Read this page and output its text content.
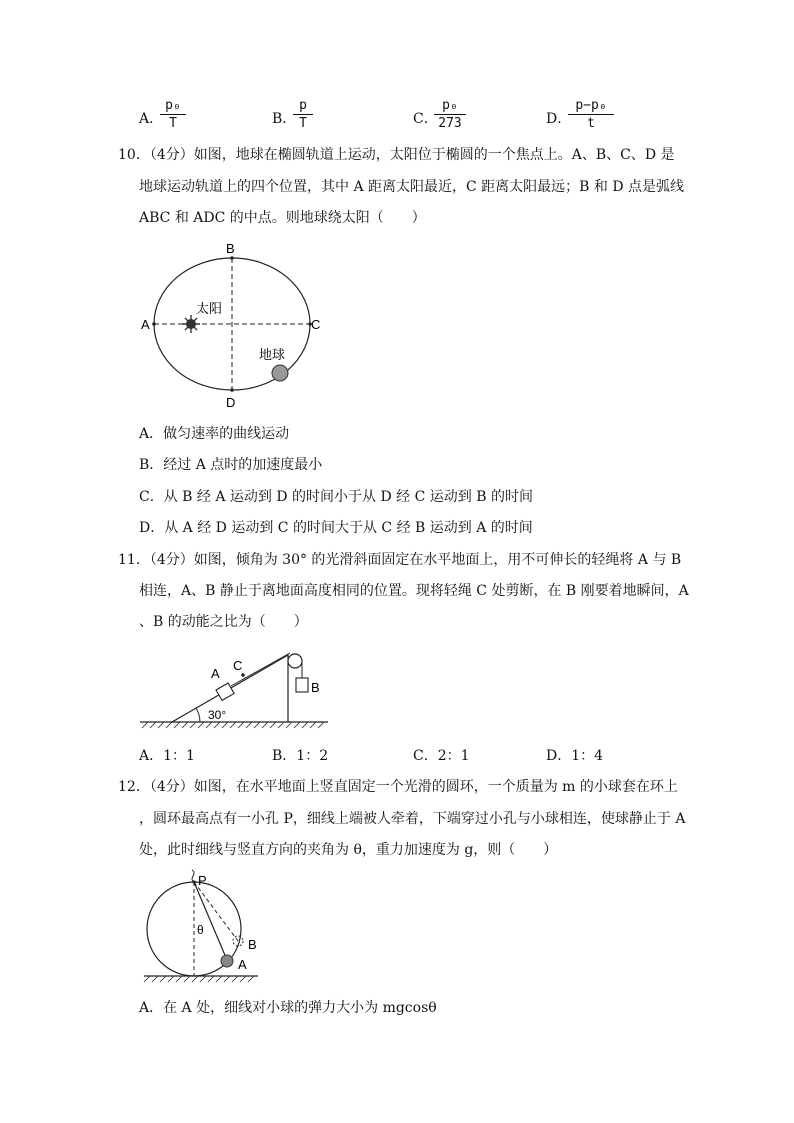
A．
$\frac{\text{p₀}}{T}$	B．
$\frac{p}{T}$	C．
$\frac{\text{p₀}}{273}$	D．
$\frac{\text{p−p₀}}{t}$
10．（4分）如图，地球在椭圆轨道上运动，太阳位于椭圆的一个焦点上。A、B、C、D 是
地球运动轨道上的四个位置，其中 A 距离太阳最近，C 距离太阳最远；B 和 D 点是弧线
ABC 和 ADC 的中点。则地球绕太阳（　　）
A
B
C
D
太阳
地球
A．做匀速率的曲线运动
B．经过 A 点时的加速度最小
C．从 B 经 A 运动到 D 的时间小于从 D 经 C 运动到 B 的时间
D．从 A 经 D 运动到 C 的时间大于从 C 经 B 运动到 A 的时间
11．（4分）如图，倾角为 30° 的光滑斜面固定在水平地面上，用不可伸长的轻绳将 A 与 B
相连，A、B 静止于离地面高度相同的位置。现将轻绳 C 处剪断，在 B 刚要着地瞬间，A
、B 的动能之比为（　　）
A
C
B
30°
A．1：1	B．1：2	C．2：1	D．1：4
12．（4分）如图，在水平地面上竖直固定一个光滑的圆环，一个质量为 m 的小球套在环上
，圆环最高点有一小孔 P，细线上端被人牵着，下端穿过小孔与小球相连，使球静止于 A
处，此时细线与竖直方向的夹角为 θ，重力加速度为 g，则（　　）
P
θ
B
A
A．在 A 处，细线对小球的弹力大小为 mgcosθ
